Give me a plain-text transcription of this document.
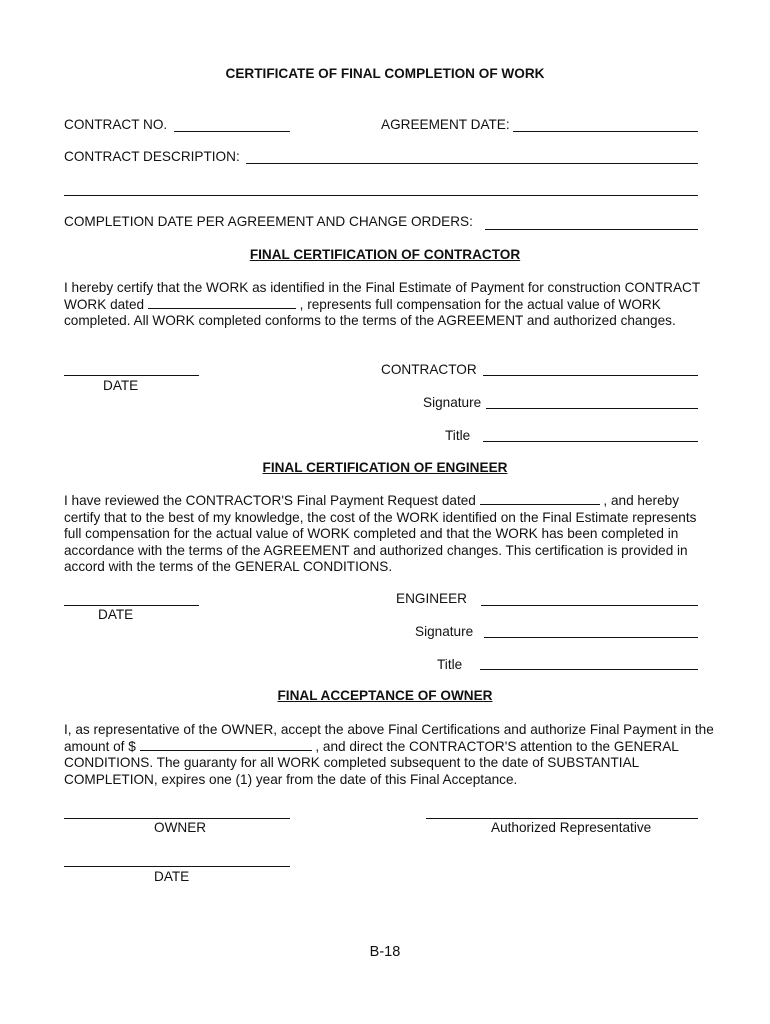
CERTIFICATE OF FINAL COMPLETION OF WORK
CONTRACT NO.	AGREEMENT DATE:
CONTRACT DESCRIPTION:
COMPLETION DATE PER AGREEMENT AND CHANGE ORDERS:
FINAL CERTIFICATION OF CONTRACTOR
I hereby certify that the WORK as identified in the Final Estimate of Payment for construction CONTRACT WORK dated	, represents full compensation for the actual value of WORK completed. All WORK completed conforms to the terms of the AGREEMENT and authorized changes.
DATE
CONTRACTOR
Signature
Title
FINAL CERTIFICATION OF ENGINEER
I have reviewed the CONTRACTOR'S Final Payment Request dated	, and hereby certify that to the best of my knowledge, the cost of the WORK identified on the Final Estimate represents full compensation for the actual value of WORK completed and that the WORK has been completed in accordance with the terms of the AGREEMENT and authorized changes. This certification is provided in accord with the terms of the GENERAL CONDITIONS.
DATE
ENGINEER
Signature
Title
FINAL ACCEPTANCE OF OWNER
I, as representative of the OWNER, accept the above Final Certifications and authorize Final Payment in the amount of $	, and direct the CONTRACTOR'S attention to the GENERAL CONDITIONS. The guaranty for all WORK completed subsequent to the date of SUBSTANTIAL COMPLETION, expires one (1) year from the date of this Final Acceptance.
OWNER	Authorized Representative
DATE
B-18
